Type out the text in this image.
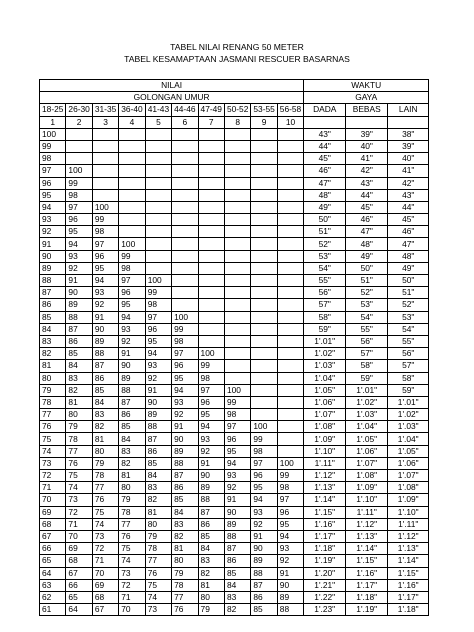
TABEL NILAI RENANG 50 METER
TABEL KESAMAPTAAN JASMANI RESCUER BASARNAS
NILAI										WAKTU		
GOLONGAN UMUR										GAYA		
18-25	26-30	31-35	36-40	41-43	44-46	47-49	50-52	53-55	56-58	DADA	BEBAS	LAIN
1	2	3	4	5	6	7	8	9	10			
100										43"	39"	38"
99										44"	40"	39"
98										45"	41"	40"
97	100									46"	42"	41"
96	99									47"	43"	42"
95	98									48"	44"	43"
94	97	100								49"	45"	44"
93	96	99								50"	46"	45"
92	95	98								51"	47"	46"
91	94	97	100							52"	48"	47"
90	93	96	99							53"	49"	48"
89	92	95	98							54"	50"	49"
88	91	94	97	100						55"	51"	50"
87	90	93	96	99						56"	52"	51"
86	89	92	95	98						57"	53"	52"
85	88	91	94	97	100					58"	54"	53"
84	87	90	93	96	99					59"	55"	54"
83	86	89	92	95	98					1'.01"	56"	55"
82	85	88	91	94	97	100				1'.02"	57"	56"
81	84	87	90	93	96	99				1'.03"	58"	57"
80	83	86	89	92	95	98				1'.04"	59"	58"
79	82	85	88	91	94	97	100			1'.05"	1'.01"	59"
78	81	84	87	90	93	96	99			1'.06"	1'.02"	1'.01"
77	80	83	86	89	92	95	98			1'.07"	1'.03"	1'.02"
76	79	82	85	88	91	94	97	100		1'.08"	1'.04"	1'.03"
75	78	81	84	87	90	93	96	99		1'.09"	1'.05"	1'.04"
74	77	80	83	86	89	92	95	98		1'.10"	1'.06"	1'.05"
73	76	79	82	85	88	91	94	97	100	1'.11"	1'.07"	1'.06"
72	75	78	81	84	87	90	93	96	99	1'.12"	1'.08"	1'.07"
71	74	77	80	83	86	89	92	95	98	1'.13"	1'.09"	1'.08"
70	73	76	79	82	85	88	91	94	97	1'.14"	1'.10"	1'.09"
69	72	75	78	81	84	87	90	93	96	1'.15"	1'.11"	1'.10"
68	71	74	77	80	83	86	89	92	95	1'.16"	1'.12"	1'.11"
67	70	73	76	79	82	85	88	91	94	1'.17"	1'.13"	1'.12"
66	69	72	75	78	81	84	87	90	93	1'.18"	1'.14"	1'.13"
65	68	71	74	77	80	83	86	89	92	1'.19"	1'.15"	1'.14"
64	67	70	73	76	79	82	85	88	91	1'.20"	1'.16"	1'.15"
63	66	69	72	75	78	81	84	87	90	1'.21"	1'.17"	1'.16"
62	65	68	71	74	77	80	83	86	89	1'.22"	1'.18"	1'.17"
61	64	67	70	73	76	79	82	85	88	1'.23"	1'.19"	1'.18"
